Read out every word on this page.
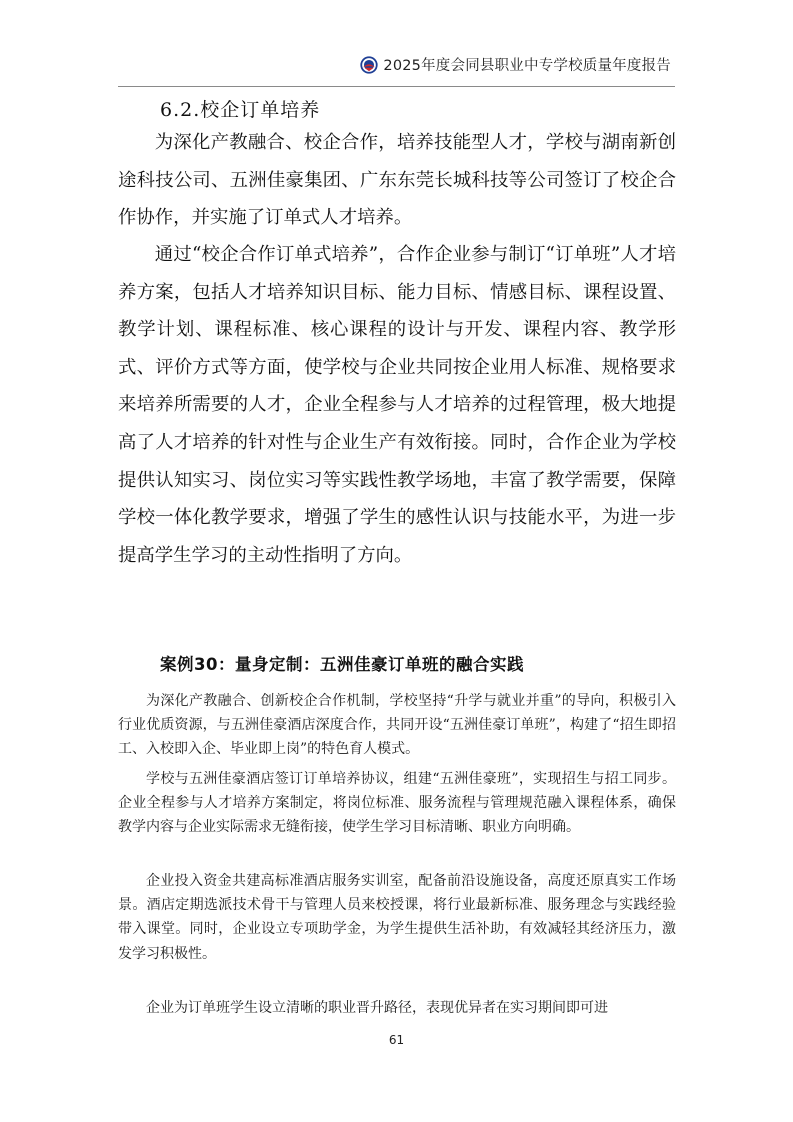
2025年度会同县职业中专学校质量年度报告
6.2.校企订单培养

为深化产教融合、校企合作，培养技能型人才，学校与湖南新创途科技公司、五洲佳豪集团、广东东莞长城科技等公司签订了校企合作协作，并实施了订单式人才培养。

通过“校企合作订单式培养”，合作企业参与制订“订单班”人才培养方案，包括人才培养知识目标、能力目标、情感目标、课程设置、教学计划、课程标准、核心课程的设计与开发、课程内容、教学形式、评价方式等方面，使学校与企业共同按企业用人标准、规格要求来培养所需要的人才，企业全程参与人才培养的过程管理，极大地提高了人才培养的针对性与企业生产有效衔接。同时，合作企业为学校提供认知实习、岗位实习等实践性教学场地，丰富了教学需要，保障学校一体化教学要求，增强了学生的感性认识与技能水平，为进一步提高学生学习的主动性指明了方向。

案例30：量身定制：五洲佳豪订单班的融合实践

为深化产教融合、创新校企合作机制，学校坚持“升学与就业并重”的导向，积极引入行业优质资源，与五洲佳豪酒店深度合作，共同开设“五洲佳豪订单班”，构建了“招生即招工、入校即入企、毕业即上岗”的特色育人模式。

学校与五洲佳豪酒店签订订单培养协议，组建“五洲佳豪班”，实现招生与招工同步。企业全程参与人才培养方案制定，将岗位标准、服务流程与管理规范融入课程体系，确保教学内容与企业实际需求无缝衔接，使学生学习目标清晰、职业方向明确。

企业投入资金共建高标准酒店服务实训室，配备前沿设施设备，高度还原真实工作场景。酒店定期选派技术骨干与管理人员来校授课，将行业最新标准、服务理念与实践经验带入课堂。同时，企业设立专项助学金，为学生提供生活补助，有效减轻其经济压力，激发学习积极性。

企业为订单班学生设立清晰的职业晋升路径，表现优异者在实习期间即可进

61
